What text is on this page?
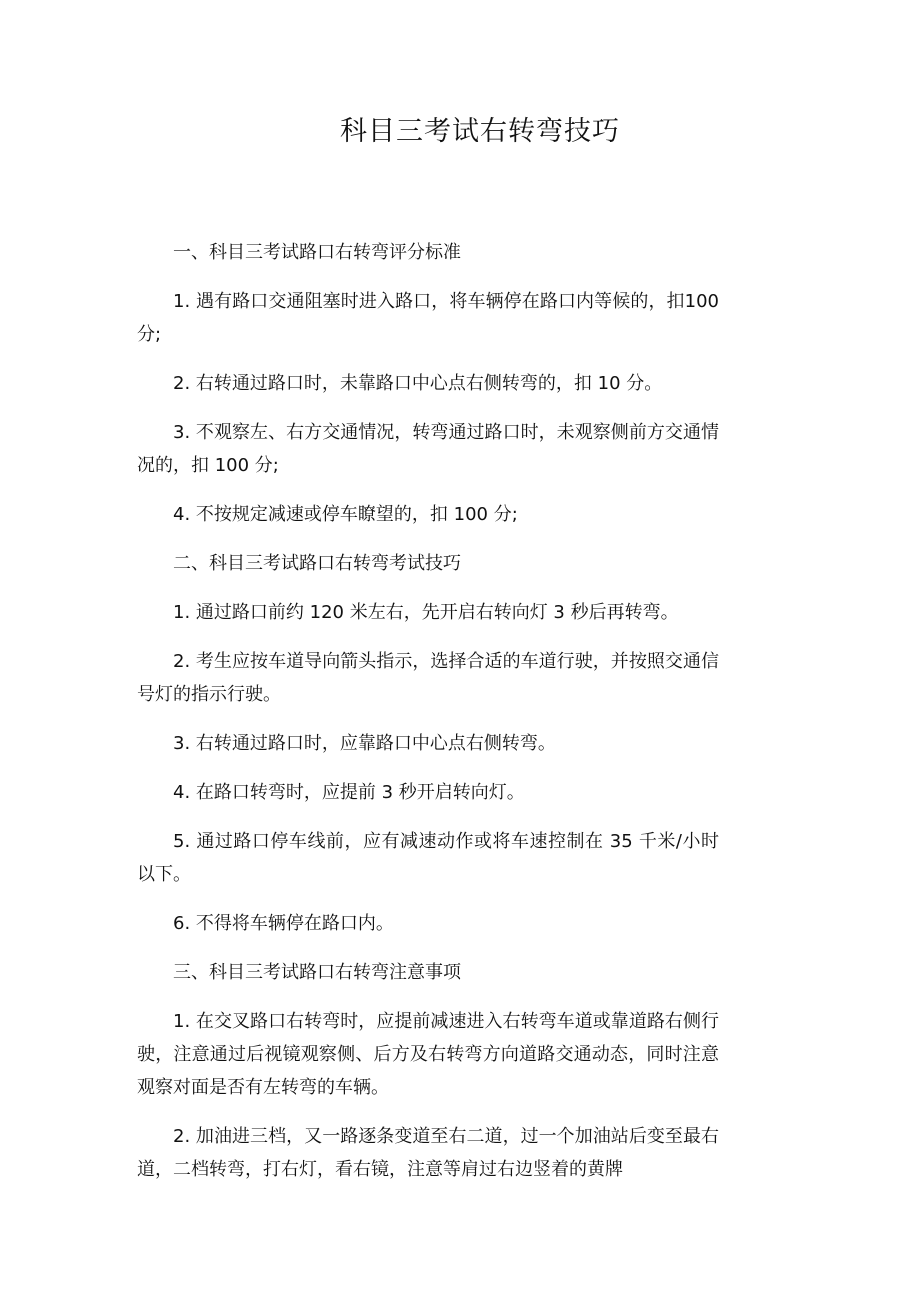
科目三考试右转弯技巧

一、科目三考试路口右转弯评分标准

1. 遇有路口交通阻塞时进入路口，将车辆停在路口内等候的，扣100 分;

2. 右转通过路口时，未靠路口中心点右侧转弯的，扣 10 分。

3. 不观察左、右方交通情况，转弯通过路口时，未观察侧前方交通情况的，扣 100 分;

4. 不按规定减速或停车瞭望的，扣 100 分;

二、科目三考试路口右转弯考试技巧

1. 通过路口前约 120 米左右，先开启右转向灯 3 秒后再转弯。

2. 考生应按车道导向箭头指示，选择合适的车道行驶，并按照交通信号灯的指示行驶。

3. 右转通过路口时，应靠路口中心点右侧转弯。

4. 在路口转弯时，应提前 3 秒开启转向灯。

5. 通过路口停车线前，应有减速动作或将车速控制在 35 千米/小时以下。

6. 不得将车辆停在路口内。

三、科目三考试路口右转弯注意事项

1. 在交叉路口右转弯时，应提前减速进入右转弯车道或靠道路右侧行驶，注意通过后视镜观察侧、后方及右转弯方向道路交通动态，同时注意观察对面是否有左转弯的车辆。

2. 加油进三档，又一路逐条变道至右二道，过一个加油站后变至最右道，二档转弯，打右灯，看右镜，注意等肩过右边竖着的黄牌
